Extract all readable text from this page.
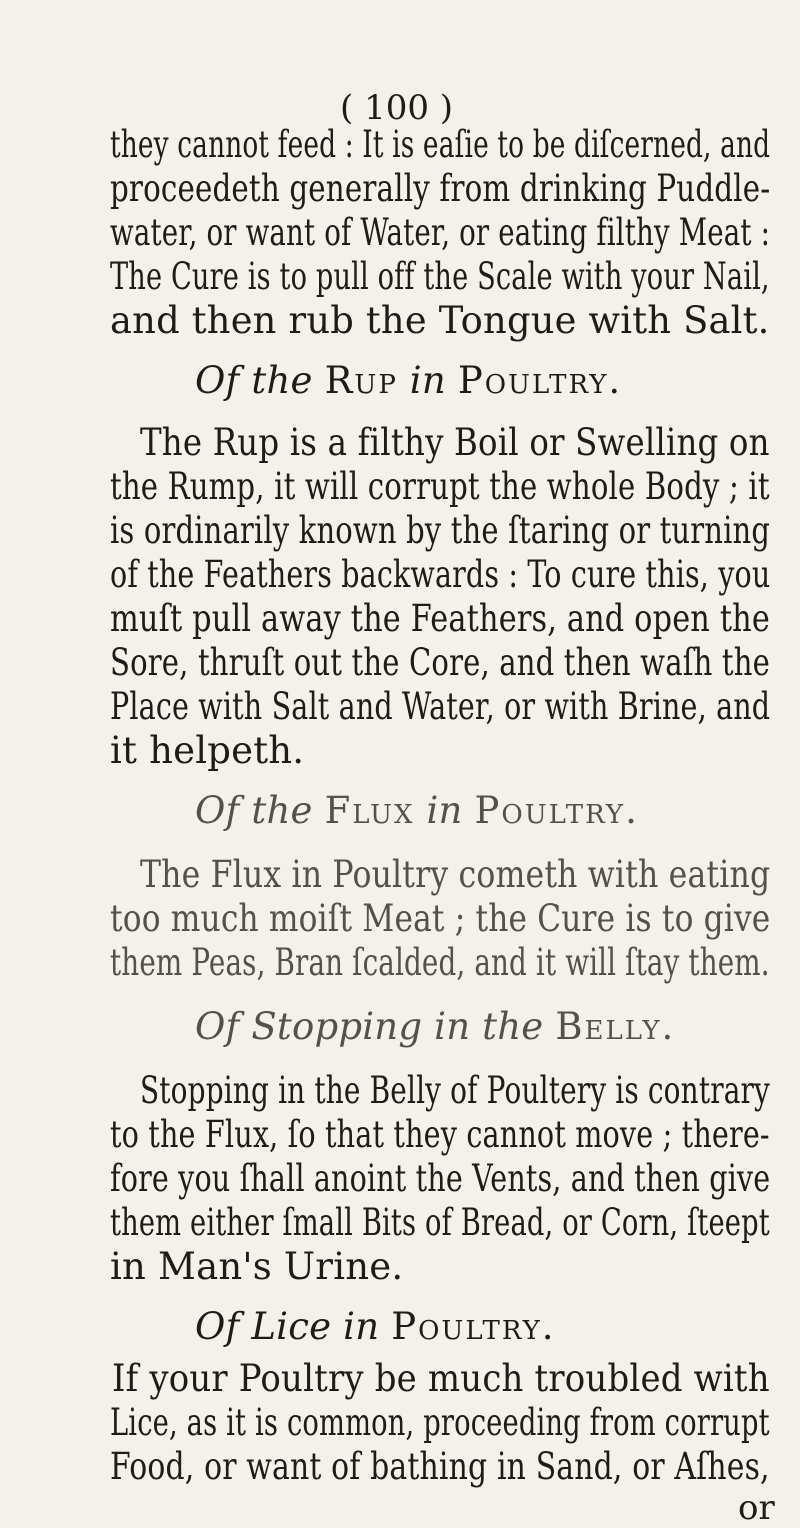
( 100 )
they cannot feed : It is eaſie to be diſcerned, and
proceedeth generally from drinking Puddle-
water, or want of Water, or eating filthy Meat :
The Cure is to pull off the Scale with your Nail,
and then rub the Tongue with Salt.
Of the Rup in Poultry.
The Rup is a filthy Boil or Swelling on
the Rump, it will corrupt the whole Body ; it
is ordinarily known by the ſtaring or turning
of the Feathers backwards : To cure this, you
muſt pull away the Feathers, and open the
Sore, thruſt out the Core, and then waſh the
Place with Salt and Water, or with Brine, and
it helpeth.
Of the Flux in Poultry.
The Flux in Poultry cometh with eating
too much moiſt Meat ; the Cure is to give
them Peas, Bran ſcalded, and it will ſtay them.
Of Stopping in the Belly.
Stopping in the Belly of Poultery is contrary
to the Flux, ſo that they cannot move ; there-
fore you ſhall anoint the Vents, and then give
them either ſmall Bits of Bread, or Corn, ſteept
in Man's Urine.
Of Lice in Poultry.
If your Poultry be much troubled with
Lice, as it is common, proceeding from corrupt
Food, or want of bathing in Sand, or Aſhes,
or
